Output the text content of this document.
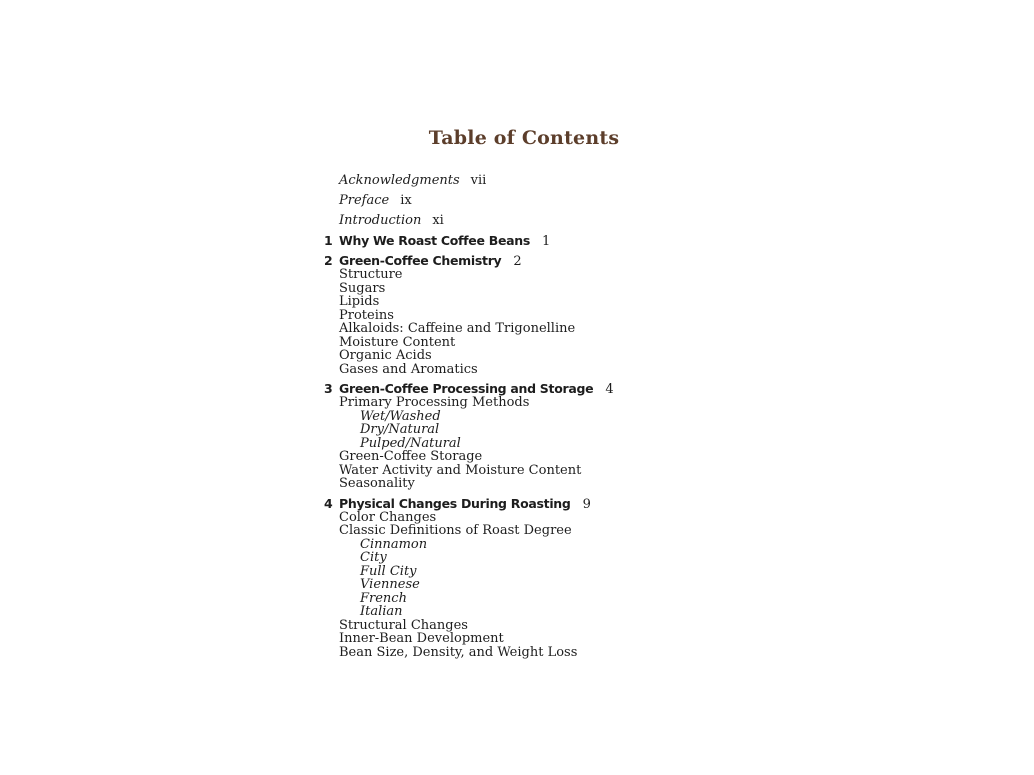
Table of Contents
Acknowledgments vii
Preface ix
Introduction xi
1 Why We Roast Coffee Beans 1
2 Green-Coffee Chemistry 2
Structure
Sugars
Lipids
Proteins
Alkaloids: Caffeine and Trigonelline
Moisture Content
Organic Acids
Gases and Aromatics
3 Green-Coffee Processing and Storage 4
Primary Processing Methods
Wet/Washed
Dry/Natural
Pulped/Natural
Green-Coffee Storage
Water Activity and Moisture Content
Seasonality
4 Physical Changes During Roasting 9
Color Changes
Classic Definitions of Roast Degree
Cinnamon
City
Full City
Viennese
French
Italian
Structural Changes
Inner-Bean Development
Bean Size, Density, and Weight Loss
